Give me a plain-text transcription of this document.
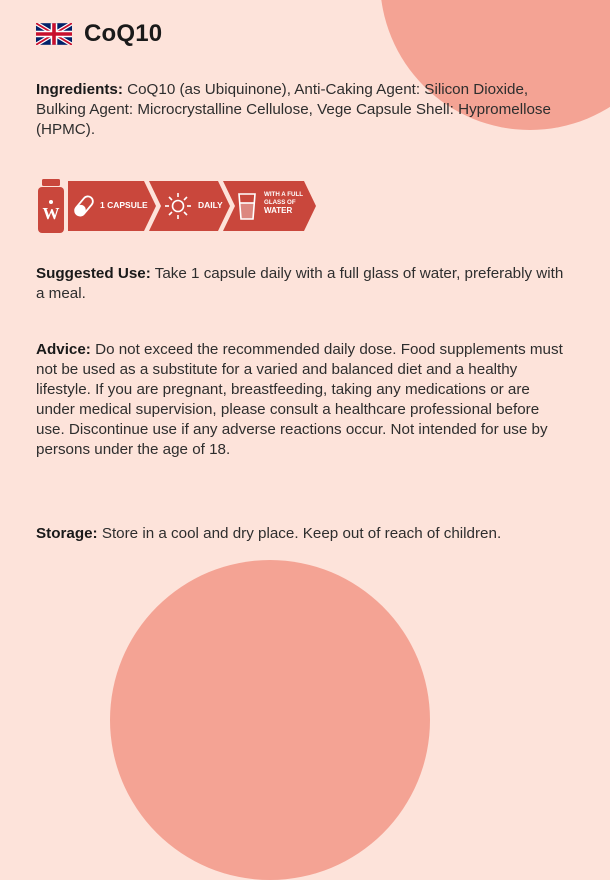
CoQ10
Ingredients: CoQ10 (as Ubiquinone), Anti-Caking Agent: Silicon Dioxide, Bulking Agent: Microcrystalline Cellulose, Vege Capsule Shell: Hypromellose (HPMC).
W	1 CAPSULE	DAILY
WITH A FULL
GLASS OF
WATER
Suggested Use: Take 1 capsule daily with a full glass of water, preferably with a meal.
Advice: Do not exceed the recommended daily dose. Food supplements must not be used as a substitute for a varied and balanced diet and a healthy lifestyle. If you are pregnant, breastfeeding, taking any medications or are under medical supervision, please consult a healthcare professional before use. Discontinue use if any adverse reactions occur. Not intended for use by persons under the age of 18.
Storage: Store in a cool and dry place. Keep out of reach of children.
